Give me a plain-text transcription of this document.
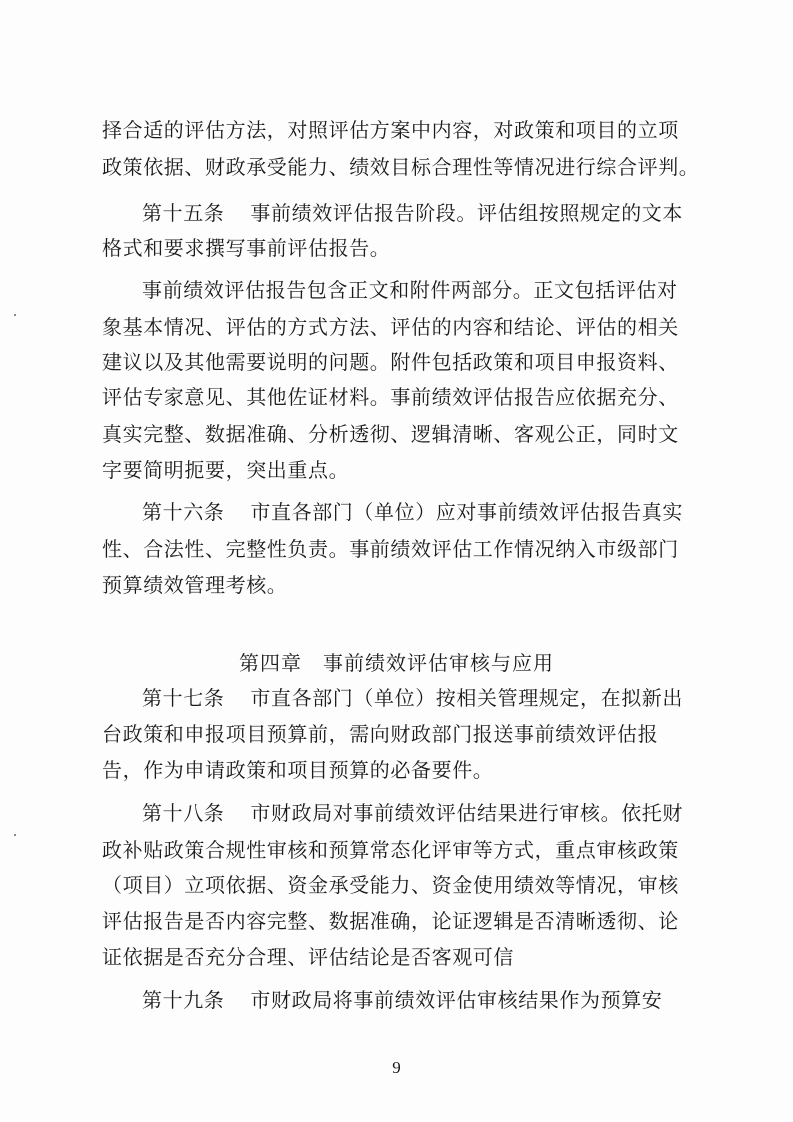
择合适的评估方法，对照评估方案中内容，对政策和项目的立项
政策依据、财政承受能力、绩效目标合理性等情况进行综合评判。
第十五条 事前绩效评估报告阶段。评估组按照规定的文本
格式和要求撰写事前评估报告。
事前绩效评估报告包含正文和附件两部分。正文包括评估对
象基本情况、评估的方式方法、评估的内容和结论、评估的相关
建议以及其他需要说明的问题。附件包括政策和项目申报资料、
评估专家意见、其他佐证材料。事前绩效评估报告应依据充分、
真实完整、数据准确、分析透彻、逻辑清晰、客观公正，同时文
字要简明扼要，突出重点。
第十六条 市直各部门（单位）应对事前绩效评估报告真实
性、合法性、完整性负责。事前绩效评估工作情况纳入市级部门
预算绩效管理考核。
第四章　事前绩效评估审核与应用
第十七条 市直各部门（单位）按相关管理规定，在拟新出
台政策和申报项目预算前，需向财政部门报送事前绩效评估报
告，作为申请政策和项目预算的必备要件。
第十八条 市财政局对事前绩效评估结果进行审核。依托财
政补贴政策合规性审核和预算常态化评审等方式，重点审核政策
（项目）立项依据、资金承受能力、资金使用绩效等情况，审核
评估报告是否内容完整、数据准确，论证逻辑是否清晰透彻、论
证依据是否充分合理、评估结论是否客观可信
第十九条 市财政局将事前绩效评估审核结果作为预算安
9
